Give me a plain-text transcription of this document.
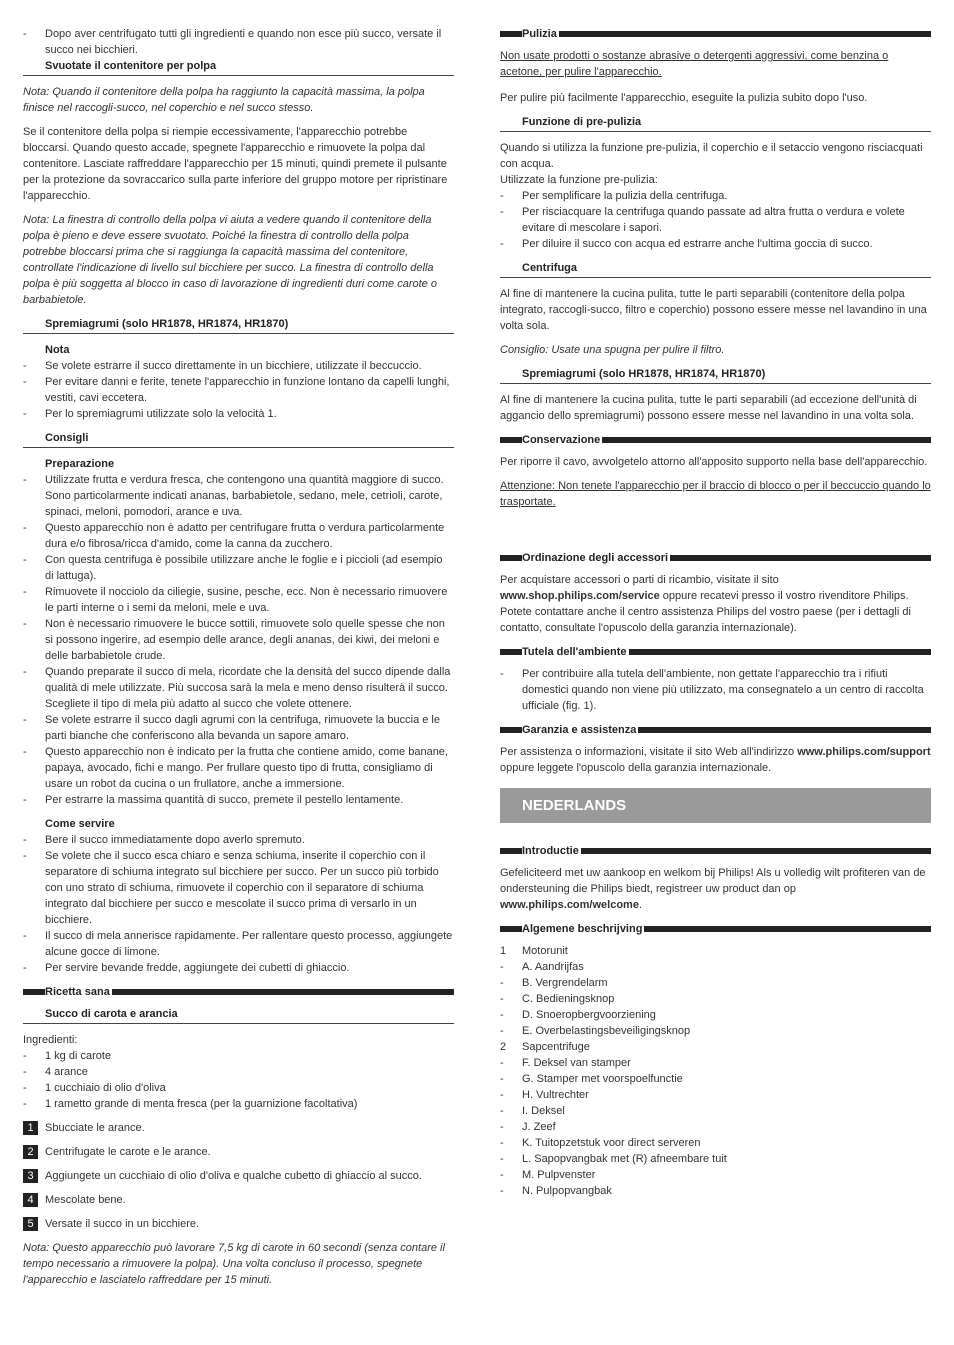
- Dopo aver centrifugato tutti gli ingredienti e quando non esce più succo, versate il succo nei bicchieri.
Svuotate il contenitore per polpa

Nota: Quando il contenitore della polpa ha raggiunto la capacità massima, la polpa finisce nel raccogli-succo, nel coperchio e nel succo stesso.

Se il contenitore della polpa si riempie eccessivamente, l'apparecchio potrebbe bloccarsi. Quando questo accade, spegnete l'apparecchio e rimuovete la polpa dal contenitore. Lasciate raffreddare l'apparecchio per 15 minuti, quindi premete il pulsante per la protezione da sovraccarico sulla parte inferiore del gruppo motore per ripristinare l'apparecchio.

Nota: La finestra di controllo della polpa vi aiuta a vedere quando il contenitore della polpa è pieno e deve essere svuotato. Poiché la finestra di controllo della polpa potrebbe bloccarsi prima che si raggiunga la capacità massima del contenitore, controllate l'indicazione di livello sul bicchiere per succo. La finestra di controllo della polpa è più soggetta al blocco in caso di lavorazione di ingredienti duri come carote o barbabietole.

Spremiagrumi (solo HR1878, HR1874, HR1870)
Nota
- Se volete estrarre il succo direttamente in un bicchiere, utilizzate il beccuccio.
- Per evitare danni e ferite, tenete l'apparecchio in funzione lontano da capelli lunghi, vestiti, cavi eccetera.
- Per lo spremiagrumi utilizzate solo la velocità 1.
Consigli
Preparazione
- Utilizzate frutta e verdura fresca, che contengono una quantità maggiore di succo. Sono particolarmente indicati ananas, barbabietole, sedano, mele, cetrioli, carote, spinaci, meloni, pomodori, arance e uva.
- Questo apparecchio non è adatto per centrifugare frutta o verdura particolarmente dura e/o fibrosa/ricca d'amido, come la canna da zucchero.
- Con questa centrifuga è possibile utilizzare anche le foglie e i piccioli (ad esempio di lattuga).
- Rimuovete il nocciolo da ciliegie, susine, pesche, ecc. Non è necessario rimuovere le parti interne o i semi da meloni, mele e uva.
- Non è necessario rimuovere le bucce sottili, rimuovete solo quelle spesse che non si possono ingerire, ad esempio delle arance, degli ananas, dei kiwi, dei meloni e delle barbabietole crude.
- Quando preparate il succo di mela, ricordate che la densità del succo dipende dalla qualità di mele utilizzate. Più succosa sarà la mela e meno denso risulterà il succo. Scegliete il tipo di mela più adatto al succo che volete ottenere.
- Se volete estrarre il succo dagli agrumi con la centrifuga, rimuovete la buccia e le parti bianche che conferiscono alla bevanda un sapore amaro.
- Questo apparecchio non è indicato per la frutta che contiene amido, come banane, papaya, avocado, fichi e mango. Per frullare questo tipo di frutta, consigliamo di usare un robot da cucina o un frullatore, anche a immersione.
- Per estrarre la massima quantità di succo, premete il pestello lentamente.
Come servire
- Bere il succo immediatamente dopo averlo spremuto.
- Se volete che il succo esca chiaro e senza schiuma, inserite il coperchio con il separatore di schiuma integrato sul bicchiere per succo. Per un succo più torbido con uno strato di schiuma, rimuovete il coperchio con il separatore di schiuma integrato dal bicchiere per succo e mescolate il succo prima di versarlo in un bicchiere.
- Il succo di mela annerisce rapidamente. Per rallentare questo processo, aggiungete alcune gocce di limone.
- Per servire bevande fredde, aggiungete dei cubetti di ghiaccio.
Ricetta sana
Succo di carota e arancia
Ingredienti:
- 1 kg di carote
- 4 arance
- 1 cucchiaio di olio d'oliva
- 1 rametto grande di menta fresca (per la guarnizione facoltativa)
1	Sbucciate le arance.
2	Centrifugate le carote e le arance.
3	Aggiungete un cucchiaio di olio d'oliva e qualche cubetto di ghiaccio al succo.
4	Mescolate bene.
5	Versate il succo in un bicchiere.

Nota: Questo apparecchio può lavorare 7,5 kg di carote in 60 secondi (senza contare il tempo necessario a rimuovere la polpa). Una volta concluso il processo, spegnete l'apparecchio e lasciatelo raffreddare per 15 minuti.

Pulizia

Non usate prodotti o sostanze abrasive o detergenti aggressivi, come benzina o acetone, per pulire l'apparecchio.

Per pulire più facilmente l'apparecchio, eseguite la pulizia subito dopo l'uso.

Funzione di pre-pulizia
Quando si utilizza la funzione pre-pulizia, il coperchio e il setaccio vengono risciacquati con acqua.
Utilizzate la funzione pre-pulizia:
- Per semplificare la pulizia della centrifuga.
- Per risciacquare la centrifuga quando passate ad altra frutta o verdura e volete evitare di mescolare i sapori.
- Per diluire il succo con acqua ed estrarre anche l'ultima goccia di succo.
Centrifuga

Al fine di mantenere la cucina pulita, tutte le parti separabili (contenitore della polpa integrato, raccogli-succo, filtro e coperchio) possono essere messe nel lavandino in una volta sola.

Consiglio: Usate una spugna per pulire il filtro.

Spremiagrumi (solo HR1878, HR1874, HR1870)

Al fine di mantenere la cucina pulita, tutte le parti separabili (ad eccezione dell'unità di aggancio dello spremiagrumi) possono essere messe nel lavandino in una volta sola.

Conservazione

Per riporre il cavo, avvolgetelo attorno all'apposito supporto nella base dell'apparecchio.

Attenzione: Non tenete l'apparecchio per il braccio di blocco o per il beccuccio quando lo trasportate.

Ordinazione degli accessori

Per acquistare accessori o parti di ricambio, visitate il sito www.shop.philips.com/service oppure recatevi presso il vostro rivenditore Philips. Potete contattare anche il centro assistenza Philips del vostro paese (per i dettagli di contatto, consultate l'opuscolo della garanzia internazionale).

Tutela dell'ambiente
- Per contribuire alla tutela dell'ambiente, non gettate l'apparecchio tra i rifiuti domestici quando non viene più utilizzato, ma consegnatelo a un centro di raccolta ufficiale (fig. 1).
Garanzia e assistenza

Per assistenza o informazioni, visitate il sito Web all'indirizzo www.philips.com/support oppure leggete l'opuscolo della garanzia internazionale.

NEDERLANDS
Introductie

Gefeliciteerd met uw aankoop en welkom bij Philips! Als u volledig wilt profiteren van de ondersteuning die Philips biedt, registreer uw product dan op www.philips.com/welcome.

Algemene beschrijving
1 Motorunit
- A. Aandrijfas
- B. Vergrendelarm
- C. Bedieningsknop
- D. Snoeropbergvoorziening
- E. Overbelastingsbeveiligingsknop
2 Sapcentrifuge
- F. Deksel van stamper
- G. Stamper met voorspoelfunctie
- H. Vultrechter
- I. Deksel
- J. Zeef
- K. Tuitopzetstuk voor direct serveren
- L. Sapopvangbak met (R) afneembare tuit
- M. Pulpvenster
- N. Pulpopvangbak
